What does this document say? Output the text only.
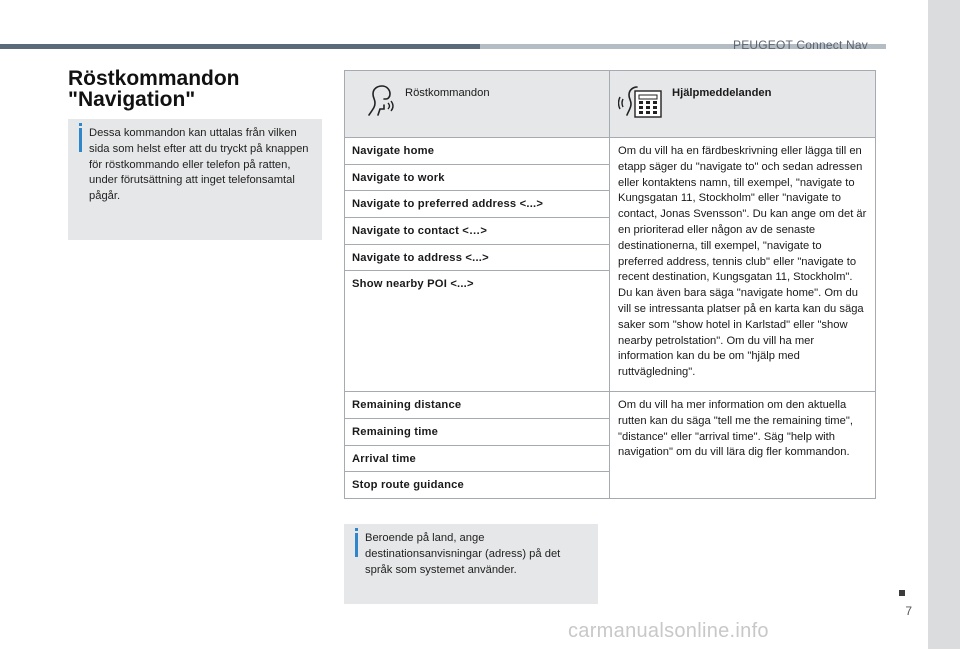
PEUGEOT Connect Nav
Röstkommandon
"Navigation"
Dessa kommandon kan uttalas från vilken sida som helst efter att du tryckt på knappen för röstkommando eller telefon på ratten, under förutsättning att inget telefonsamtal pågår.
Röstkommandon	Hjälpmeddelanden

Navigate home	Om du vill ha en färdbeskrivning eller lägga till en etapp säger du "navigate to" och sedan adressen eller kontaktens namn, till exempel, "navigate to Kungsgatan 11, Stockholm" eller "navigate to contact, Jonas Svensson". Du kan ange om det är en prioriterad eller någon av de senaste destinationerna, till exempel, "navigate to preferred address, tennis club" eller "navigate to recent destination, Kungsgatan 11, Stockholm". Du kan även bara säga "navigate home". Om du vill se intressanta platser på en karta kan du säga saker som "show hotel in Karlstad" eller "show nearby petrolstation". Om du vill ha mer information kan du be om "hjälp med ruttvägledning".
Navigate to work	
Navigate to preferred address <...>	
Navigate to contact <…>	
Navigate to address <...>	
Show nearby POI <...>	
Remaining distance	Om du vill ha mer information om den aktuella rutten kan du säga "tell me the remaining time", "distance" eller "arrival time". Säg "help with navigation" om du vill lära dig fler kommandon.
Remaining time	
Arrival time	
Stop route guidance	
Beroende på land, ange destinationsanvisningar (adress) på det språk som systemet använder.
7
carmanualsonline.info
